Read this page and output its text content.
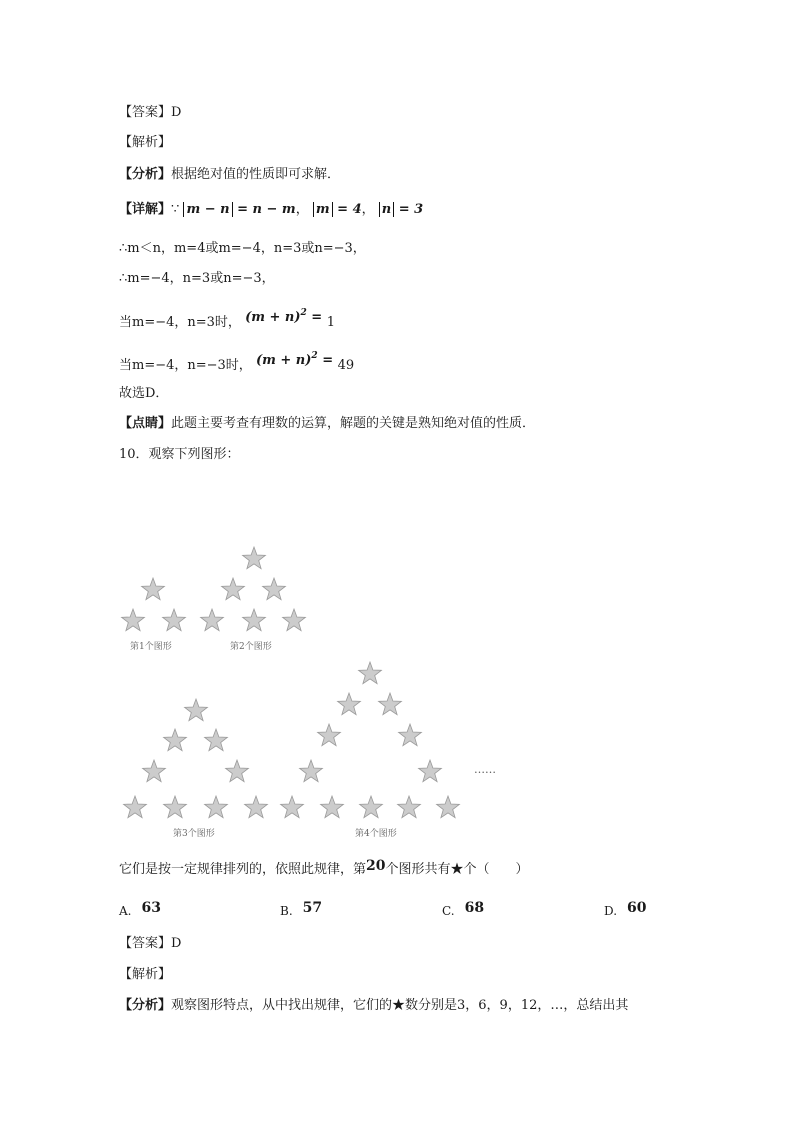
【答案】D
【解析】
【分析】根据绝对值的性质即可求解．
【详解】∵ m − n = n − m， m = 4， n = 3
∴m＜n，m=4或m=−4，n=3或n=−3，
∴m=−4，n=3或n=−3，
当m=−4，n=3时， $(m + n)^2 = 1$
当m=−4，n=−3时， $(m + n)^2 = 49$
故选D．
【点睛】此题主要考查有理数的运算，解题的关键是熟知绝对值的性质．
10．观察下列图形：
第1个图形	第2个图形
第3个图形	第4个图形
……
它们是按一定规律排列的，依照此规律，第20个图形共有★个（　　）
A. 63	B. 57	C. 68	D. 60
【答案】D
【解析】
【分析】观察图形特点，从中找出规律，它们的★数分别是3，6，9，12，…，总结出其
